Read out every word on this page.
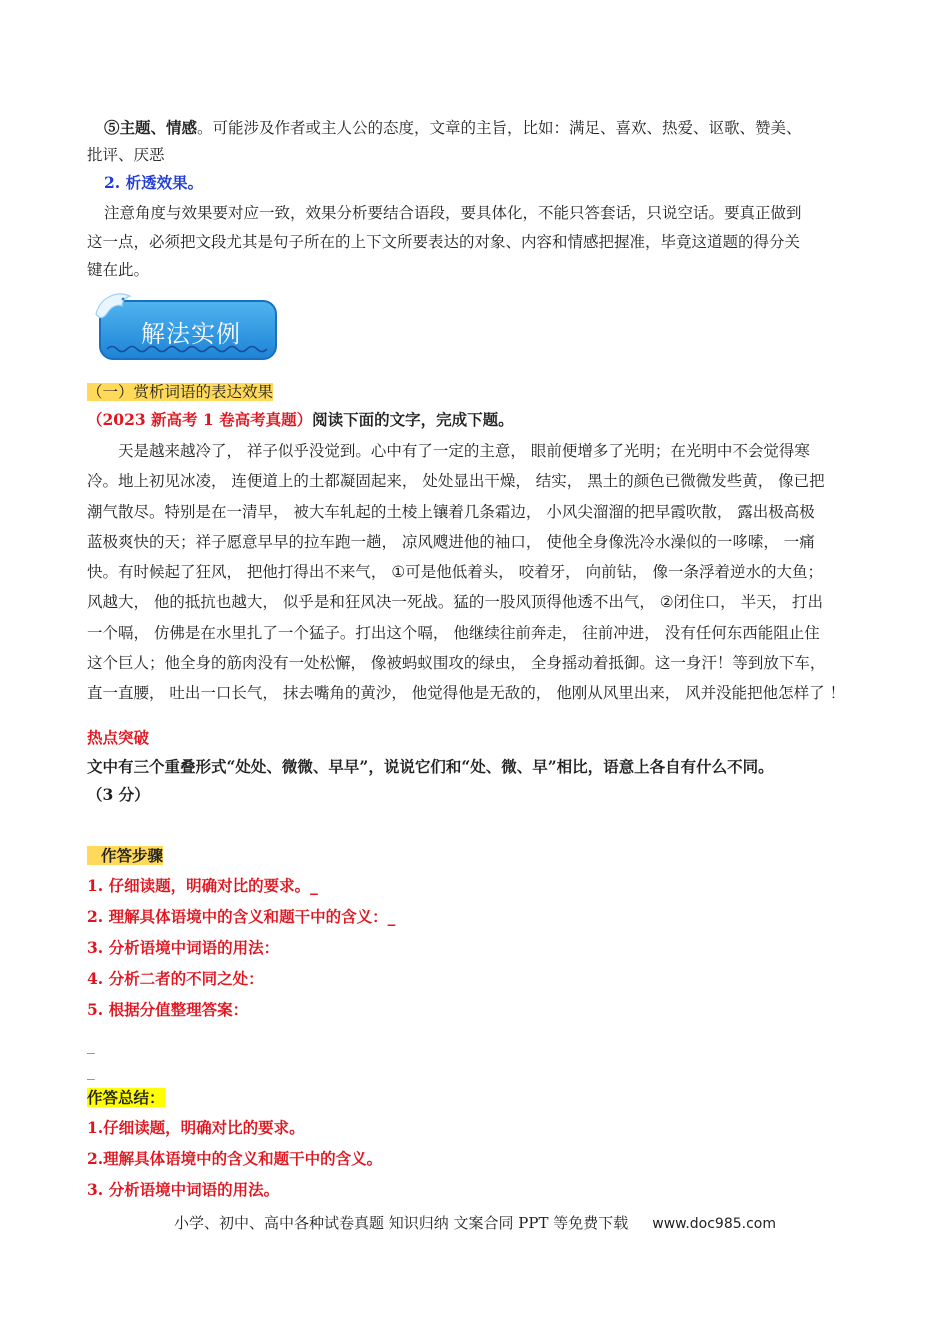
⑤主题、情感。可能涉及作者或主人公的态度，文章的主旨，比如：满足、喜欢、热爱、讴歌、赞美、
批评、厌恶
2. 析透效果。
注意角度与效果要对应一致，效果分析要结合语段，要具体化，不能只答套话，只说空话。要真正做到
这一点，必须把文段尤其是句子所在的上下文所要表达的对象、内容和情感把握准，毕竟这道题的得分关
键在此。
解法实例
（一）赏析词语的表达效果
（2023 新高考 1 卷高考真题）阅读下面的文字，完成下题。
　　天是越来越冷了， 祥子似乎没觉到。心中有了一定的主意， 眼前便增多了光明；在光明中不会觉得寒
冷。地上初见冰凌， 连便道上的土都凝固起来， 处处显出干燥， 结实， 黑土的颜色已微微发些黄， 像已把
潮气散尽。特别是在一清早， 被大车轧起的土棱上镶着几条霜边， 小风尖溜溜的把早霞吹散， 露出极高极
蓝极爽快的天；祥子愿意早早的拉车跑一趟， 凉风飕进他的袖口， 使他全身像洗冷水澡似的一哆嗦， 一痛
快。有时候起了狂风， 把他打得出不来气， ①可是他低着头， 咬着牙， 向前钻， 像一条浮着逆水的大鱼；
风越大， 他的抵抗也越大， 似乎是和狂风决一死战。猛的一股风顶得他透不出气， ②闭住口， 半天， 打出
一个嗝， 仿佛是在水里扎了一个猛子。打出这个嗝， 他继续往前奔走， 往前冲进， 没有任何东西能阻止住
这个巨人；他全身的筋肉没有一处松懈， 像被蚂蚁围攻的绿虫， 全身摇动着抵御。这一身汗！等到放下车，
直一直腰， 吐出一口长气， 抹去嘴角的黄沙， 他觉得他是无敌的， 他刚从风里出来， 风并没能把他怎样了 ！
热点突破
文中有三个重叠形式“处处、微微、早早”，说说它们和“处、微、早”相比，语意上各自有什么不同。
（3 分）
作答步骤
1. 仔细读题，明确对比的要求。_
2. 理解具体语境中的含义和题干中的含义：_
3. 分析语境中词语的用法：
4. 分析二者的不同之处：
5. 根据分值整理答案：
_
_
作答总结：
1.仔细读题，明确对比的要求。
2.理解具体语境中的含义和题干中的含义。
3. 分析语境中词语的用法。
小学、初中、高中各种试卷真题 知识归纳 文案合同 PPT 等免费下载 www.doc985.com
